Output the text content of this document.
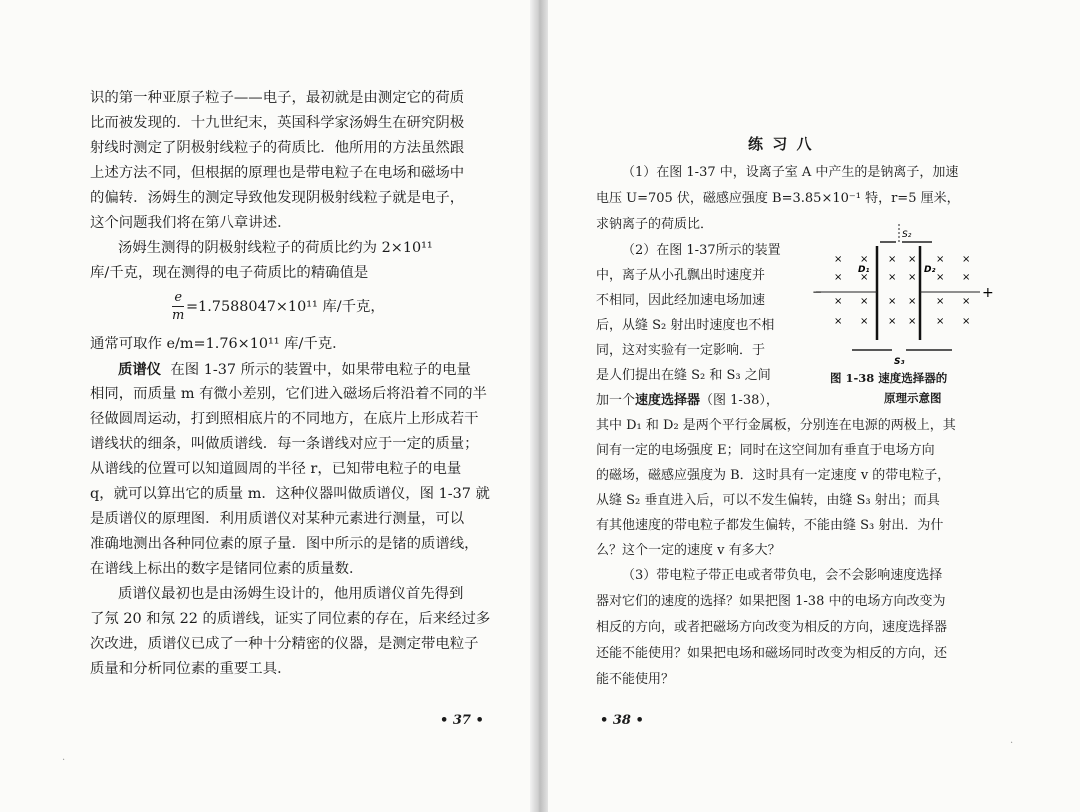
识的第一种亚原子粒子——电子，最初就是由测定它的荷质
比而被发现的．十九世纪末，英国科学家汤姆生在研究阴极
射线时测定了阴极射线粒子的荷质比．他所用的方法虽然跟
上述方法不同，但根据的原理也是带电粒子在电场和磁场中
的偏转．汤姆生的测定导致他发现阴极射线粒子就是电子，
这个问题我们将在第八章讲述．
汤姆生测得的阴极射线粒子的荷质比约为 2×10¹¹
库/千克，现在测得的电子荷质比的精确值是
e
m
=1.7588047×10¹¹ 库/千克，
通常可取作 e/m=1.76×10¹¹ 库/千克．
质谱仪 在图 1-37 所示的装置中，如果带电粒子的电量
相同，而质量 m 有微小差别，它们进入磁场后将沿着不同的半
径做圆周运动，打到照相底片的不同地方，在底片上形成若干
谱线状的细条，叫做质谱线．每一条谱线对应于一定的质量；
从谱线的位置可以知道圆周的半径 r，已知带电粒子的电量
q，就可以算出它的质量 m．这种仪器叫做质谱仪，图 1-37 就
是质谱仪的原理图．利用质谱仪对某种元素进行测量，可以
准确地测出各种同位素的原子量．图中所示的是锗的质谱线，
在谱线上标出的数字是锗同位素的质量数．
质谱仪最初也是由汤姆生设计的，他用质谱仪首先得到
了氖 20 和氖 22 的质谱线，证实了同位素的存在，后来经过多
次改进，质谱仪已成了一种十分精密的仪器，是测定带电粒子
质量和分析同位素的重要工具．
• 37 •
练 习 八
（1）在图 1-37 中，设离子室 A 中产生的是钠离子，加速
电压 U=705 伏，磁感应强度 B=3.85×10⁻¹ 特，r=5 厘米，
求钠离子的荷质比．
（2）在图 1-37所示的装置
中，离子从小孔飘出时速度并
不相同，因此经加速电场加速
后，从缝 S₂ 射出时速度也不相
同，这对实验有一定影响．于
是人们提出在缝 S₂ 和 S₃ 之间
加一个速度选择器（图 1-38），
其中 D₁ 和 D₂ 是两个平行金属板，分别连在电源的两极上，其
间有一定的电场强度 E；同时在这空间加有垂直于电场方向
的磁场，磁感应强度为 B．这时具有一定速度 v 的带电粒子，
从缝 S₂ 垂直进入后，可以不发生偏转，由缝 S₃ 射出；而具
有其他速度的带电粒子都发生偏转，不能由缝 S₃ 射出．为什
么？这个一定的速度 v 有多大？
（3）带电粒子带正电或者带负电，会不会影响速度选择
器对它们的速度的选择？如果把图 1-38 中的电场方向改变为
相反的方向，或者把磁场方向改变为相反的方向，速度选择器
还能不能使用？如果把电场和磁场同时改变为相反的方向，还
能不能使用？
• 38 •
S₂
D₁	D₂
−	+
S₃
× × × × × ×
× × × × × ×
× × × × × ×
× × × × × ×
图 1-38 速度选择器的
原理示意图
.
.
